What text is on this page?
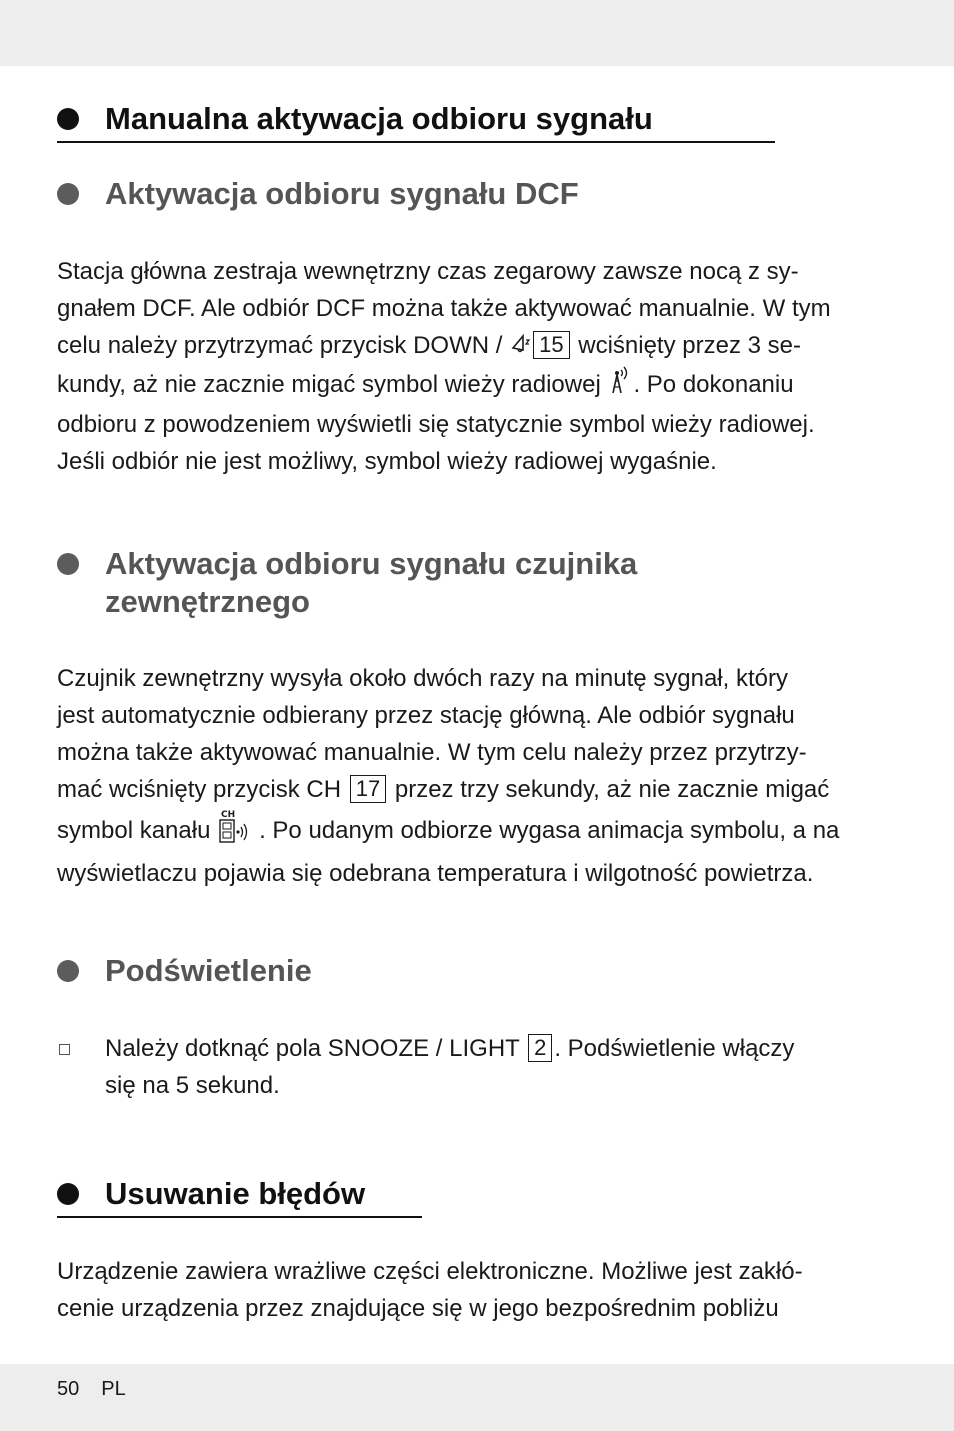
Manualna aktywacja odbioru sygnału
Aktywacja odbioru sygnału DCF
Stacja główna zestraja wewnętrzny czas zegarowy zawsze nocą z sy-
gnałem DCF. Ale odbiór DCF można także aktywować manualnie. W tym
celu należy przytrzymać przycisk DOWN / 15 wciśnięty przez 3 se-
kundy, aż nie zacznie migać symbol wieży radiowej . Po dokonaniu
odbioru z powodzeniem wyświetli się statycznie symbol wieży radiowej.
Jeśli odbiór nie jest możliwy, symbol wieży radiowej wygaśnie.
Aktywacja odbioru sygnału czujnika
zewnętrznego
Czujnik zewnętrzny wysyła około dwóch razy na minutę sygnał, który
jest automatycznie odbierany przez stację główną. Ale odbiór sygnału
można także aktywować manualnie. W tym celu należy przez przytrzy-
mać wciśnięty przycisk CH 17 przez trzy sekundy, aż nie zacznie migać
symbol kanału
CH
. Po udanym odbiorze wygasa animacja symbolu, a na
wyświetlaczu pojawia się odebrana temperatura i wilgotność powietrza.
Podświetlenie
Należy dotknąć pola SNOOZE / LIGHT 2 . Podświetlenie włączy
się na 5 sekund.
Usuwanie błędów
Urządzenie zawiera wrażliwe części elektroniczne. Możliwe jest zakłó-
cenie urządzenia przez znajdujące się w jego bezpośrednim pobliżu
50 PL
